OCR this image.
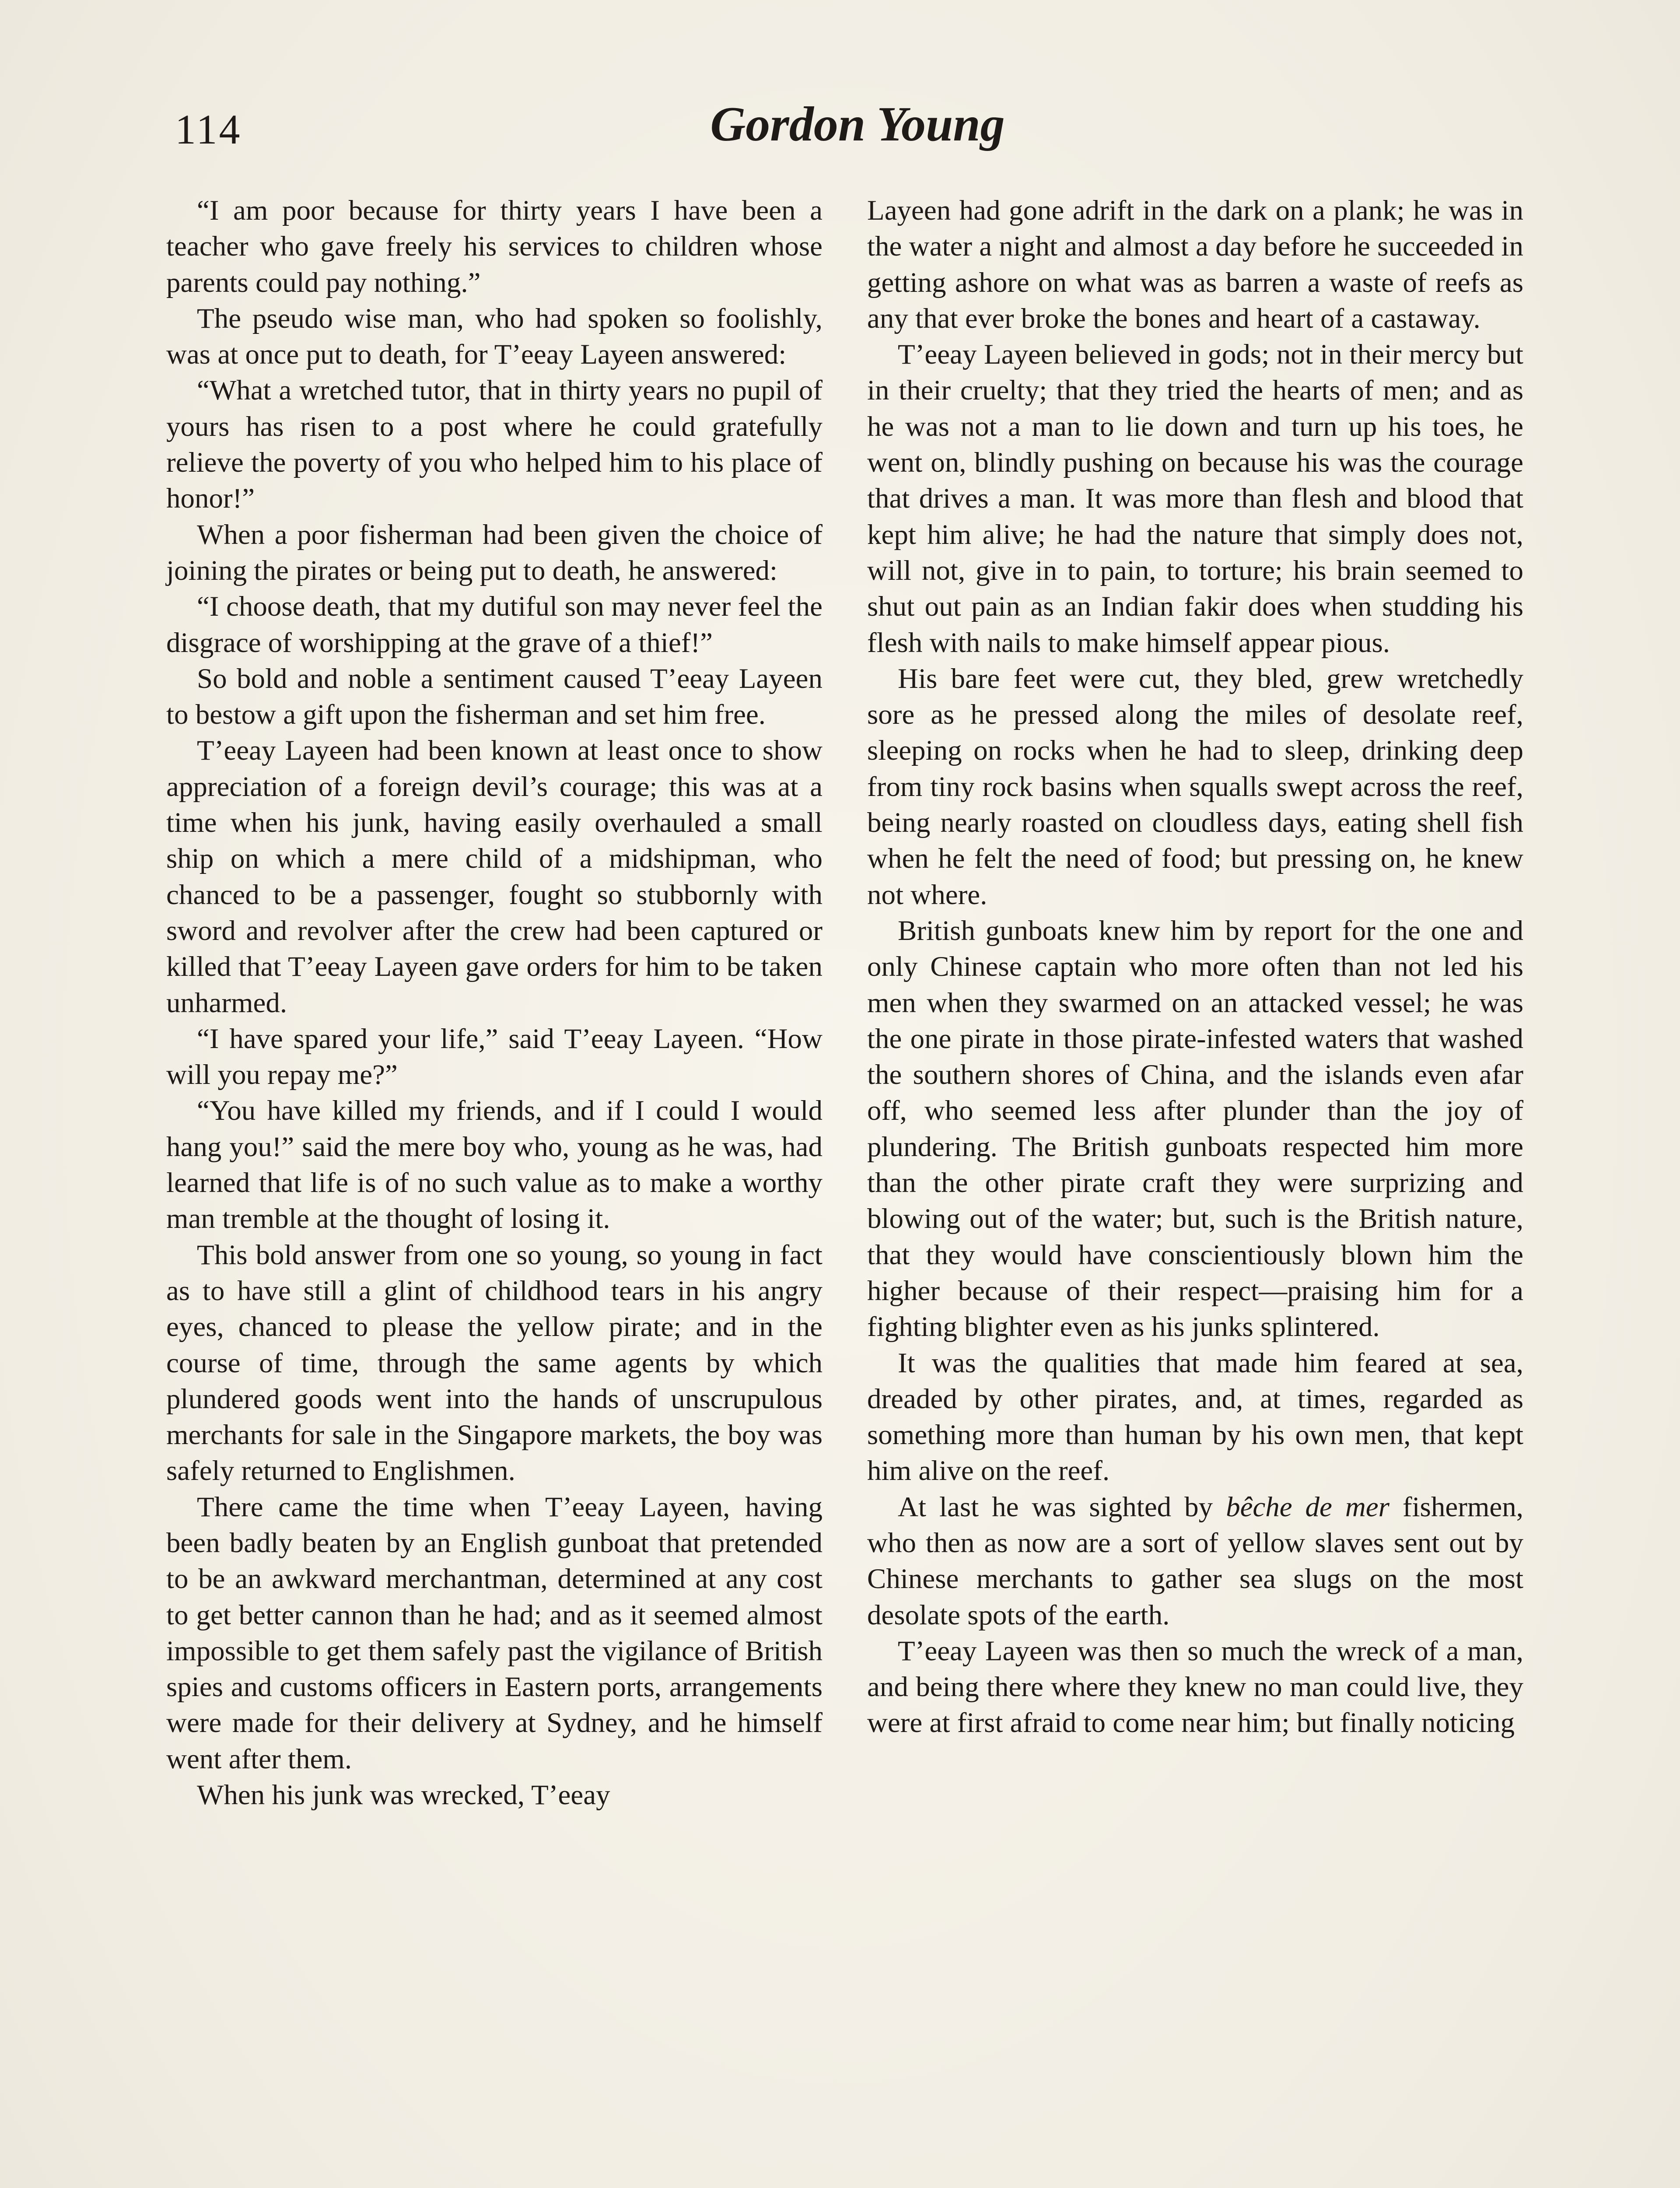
114	Gordon Young

“I am poor because for thirty years I have been a teacher who gave freely his services to children whose parents could pay nothing.”

The pseudo wise man, who had spoken so foolishly, was at once put to death, for T’eeay Layeen answered:

“What a wretched tutor, that in thirty years no pupil of yours has risen to a post where he could gratefully relieve the poverty of you who helped him to his place of honor!”

When a poor fisherman had been given the choice of joining the pirates or being put to death, he answered:

“I choose death, that my dutiful son may never feel the disgrace of worshipping at the grave of a thief!”

So bold and noble a sentiment caused T’eeay Layeen to bestow a gift upon the fisherman and set him free.

T’eeay Layeen had been known at least once to show appreciation of a foreign devil’s courage; this was at a time when his junk, having easily overhauled a small ship on which a mere child of a midshipman, who chanced to be a passenger, fought so stubbornly with sword and revolver after the crew had been captured or killed that T’eeay Layeen gave orders for him to be taken unharmed.

“I have spared your life,” said T’eeay Layeen. “How will you repay me?”

“You have killed my friends, and if I could I would hang you!” said the mere boy who, young as he was, had learned that life is of no such value as to make a worthy man tremble at the thought of losing it.

This bold answer from one so young, so young in fact as to have still a glint of childhood tears in his angry eyes, chanced to please the yellow pirate; and in the course of time, through the same agents by which plundered goods went into the hands of unscrupulous merchants for sale in the Singapore markets, the boy was safely returned to Englishmen.

There came the time when T’eeay Layeen, having been badly beaten by an English gunboat that pretended to be an awkward merchantman, determined at any cost to get better cannon than he had; and as it seemed almost impossible to get them safely past the vigilance of British spies and customs officers in Eastern ports, arrangements were made for their delivery at Sydney, and he himself went after them.

When his junk was wrecked, T’eeay

Layeen had gone adrift in the dark on a plank; he was in the water a night and almost a day before he succeeded in getting ashore on what was as barren a waste of reefs as any that ever broke the bones and heart of a castaway.

T’eeay Layeen believed in gods; not in their mercy but in their cruelty; that they tried the hearts of men; and as he was not a man to lie down and turn up his toes, he went on, blindly pushing on because his was the courage that drives a man. It was more than flesh and blood that kept him alive; he had the nature that simply does not, will not, give in to pain, to torture; his brain seemed to shut out pain as an Indian fakir does when studding his flesh with nails to make himself appear pious.

His bare feet were cut, they bled, grew wretchedly sore as he pressed along the miles of desolate reef, sleeping on rocks when he had to sleep, drinking deep from tiny rock basins when squalls swept across the reef, being nearly roasted on cloudless days, eating shell fish when he felt the need of food; but pressing on, he knew not where.

British gunboats knew him by report for the one and only Chinese captain who more often than not led his men when they swarmed on an attacked vessel; he was the one pirate in those pirate-infested waters that washed the southern shores of China, and the islands even afar off, who seemed less after plunder than the joy of plundering. The British gunboats respected him more than the other pirate craft they were surprizing and blowing out of the water; but, such is the British nature, that they would have conscientiously blown him the higher because of their respect—praising him for a fighting blighter even as his junks splintered.

It was the qualities that made him feared at sea, dreaded by other pirates, and, at times, regarded as something more than human by his own men, that kept him alive on the reef.

At last he was sighted by bêche de mer fishermen, who then as now are a sort of yellow slaves sent out by Chinese merchants to gather sea slugs on the most desolate spots of the earth.

T’eeay Layeen was then so much the wreck of a man, and being there where they knew no man could live, they were at first afraid to come near him; but finally noticing
